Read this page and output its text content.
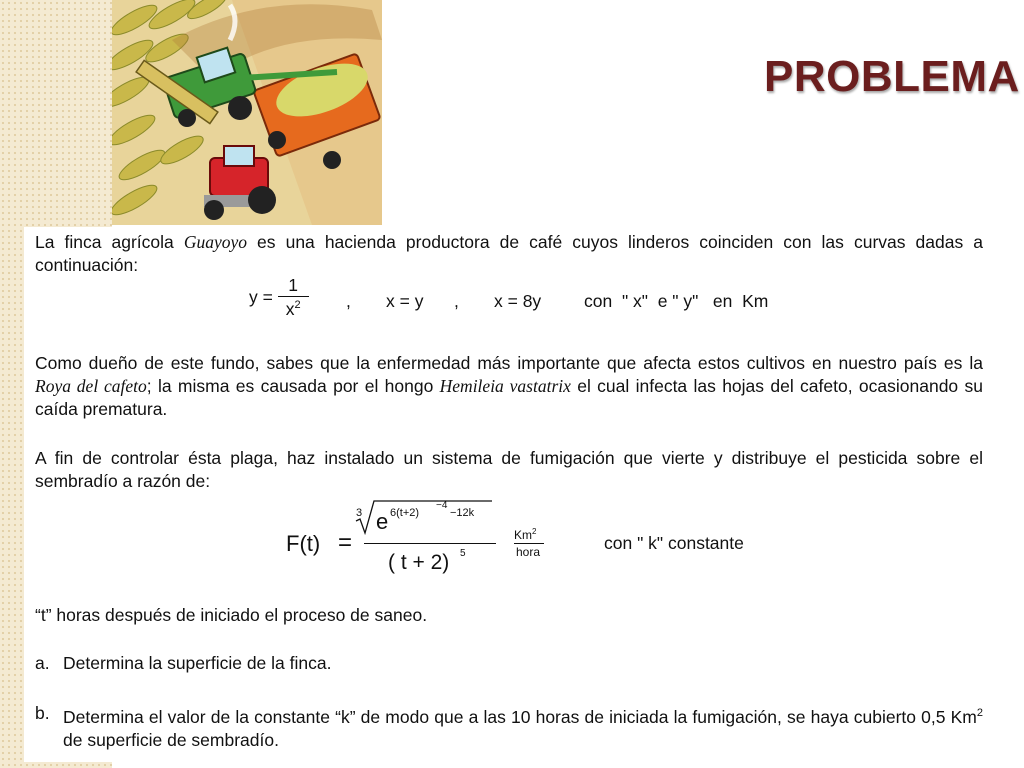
PROBLEMA
La finca agrícola Guayoyo es una hacienda productora de café cuyos linderos coinciden con las curvas dadas a continuación:
$y = \frac{1}{x^2}$ , x = y , x = 8y con  " x"  e " y"   en  Km
Como dueño de este fundo, sabes que la enfermedad más importante que afecta estos cultivos en nuestro país es la Roya del cafeto; la misma es causada por el hongo Hemileia vastatrix el cual infecta las hojas del cafeto, ocasionando su caída prematura.
A fin de controlar ésta plaga, haz instalado un sistema de fumigación que vierte y distribuye el pesticida sobre el sembradío a razón de:
F(t) =
3 e 6(t+2)
−4
−12k
( t + 2) 5
Km$^2$
hora	con " k" constante
“t” horas después de iniciado el proceso de saneo.
a. Determina la superficie de la finca.
b. Determina el valor de la constante “k” de modo que a las 10 horas de iniciada la fumigación, se haya cubierto 0,5 Km$^2$ de superficie de sembradío.
